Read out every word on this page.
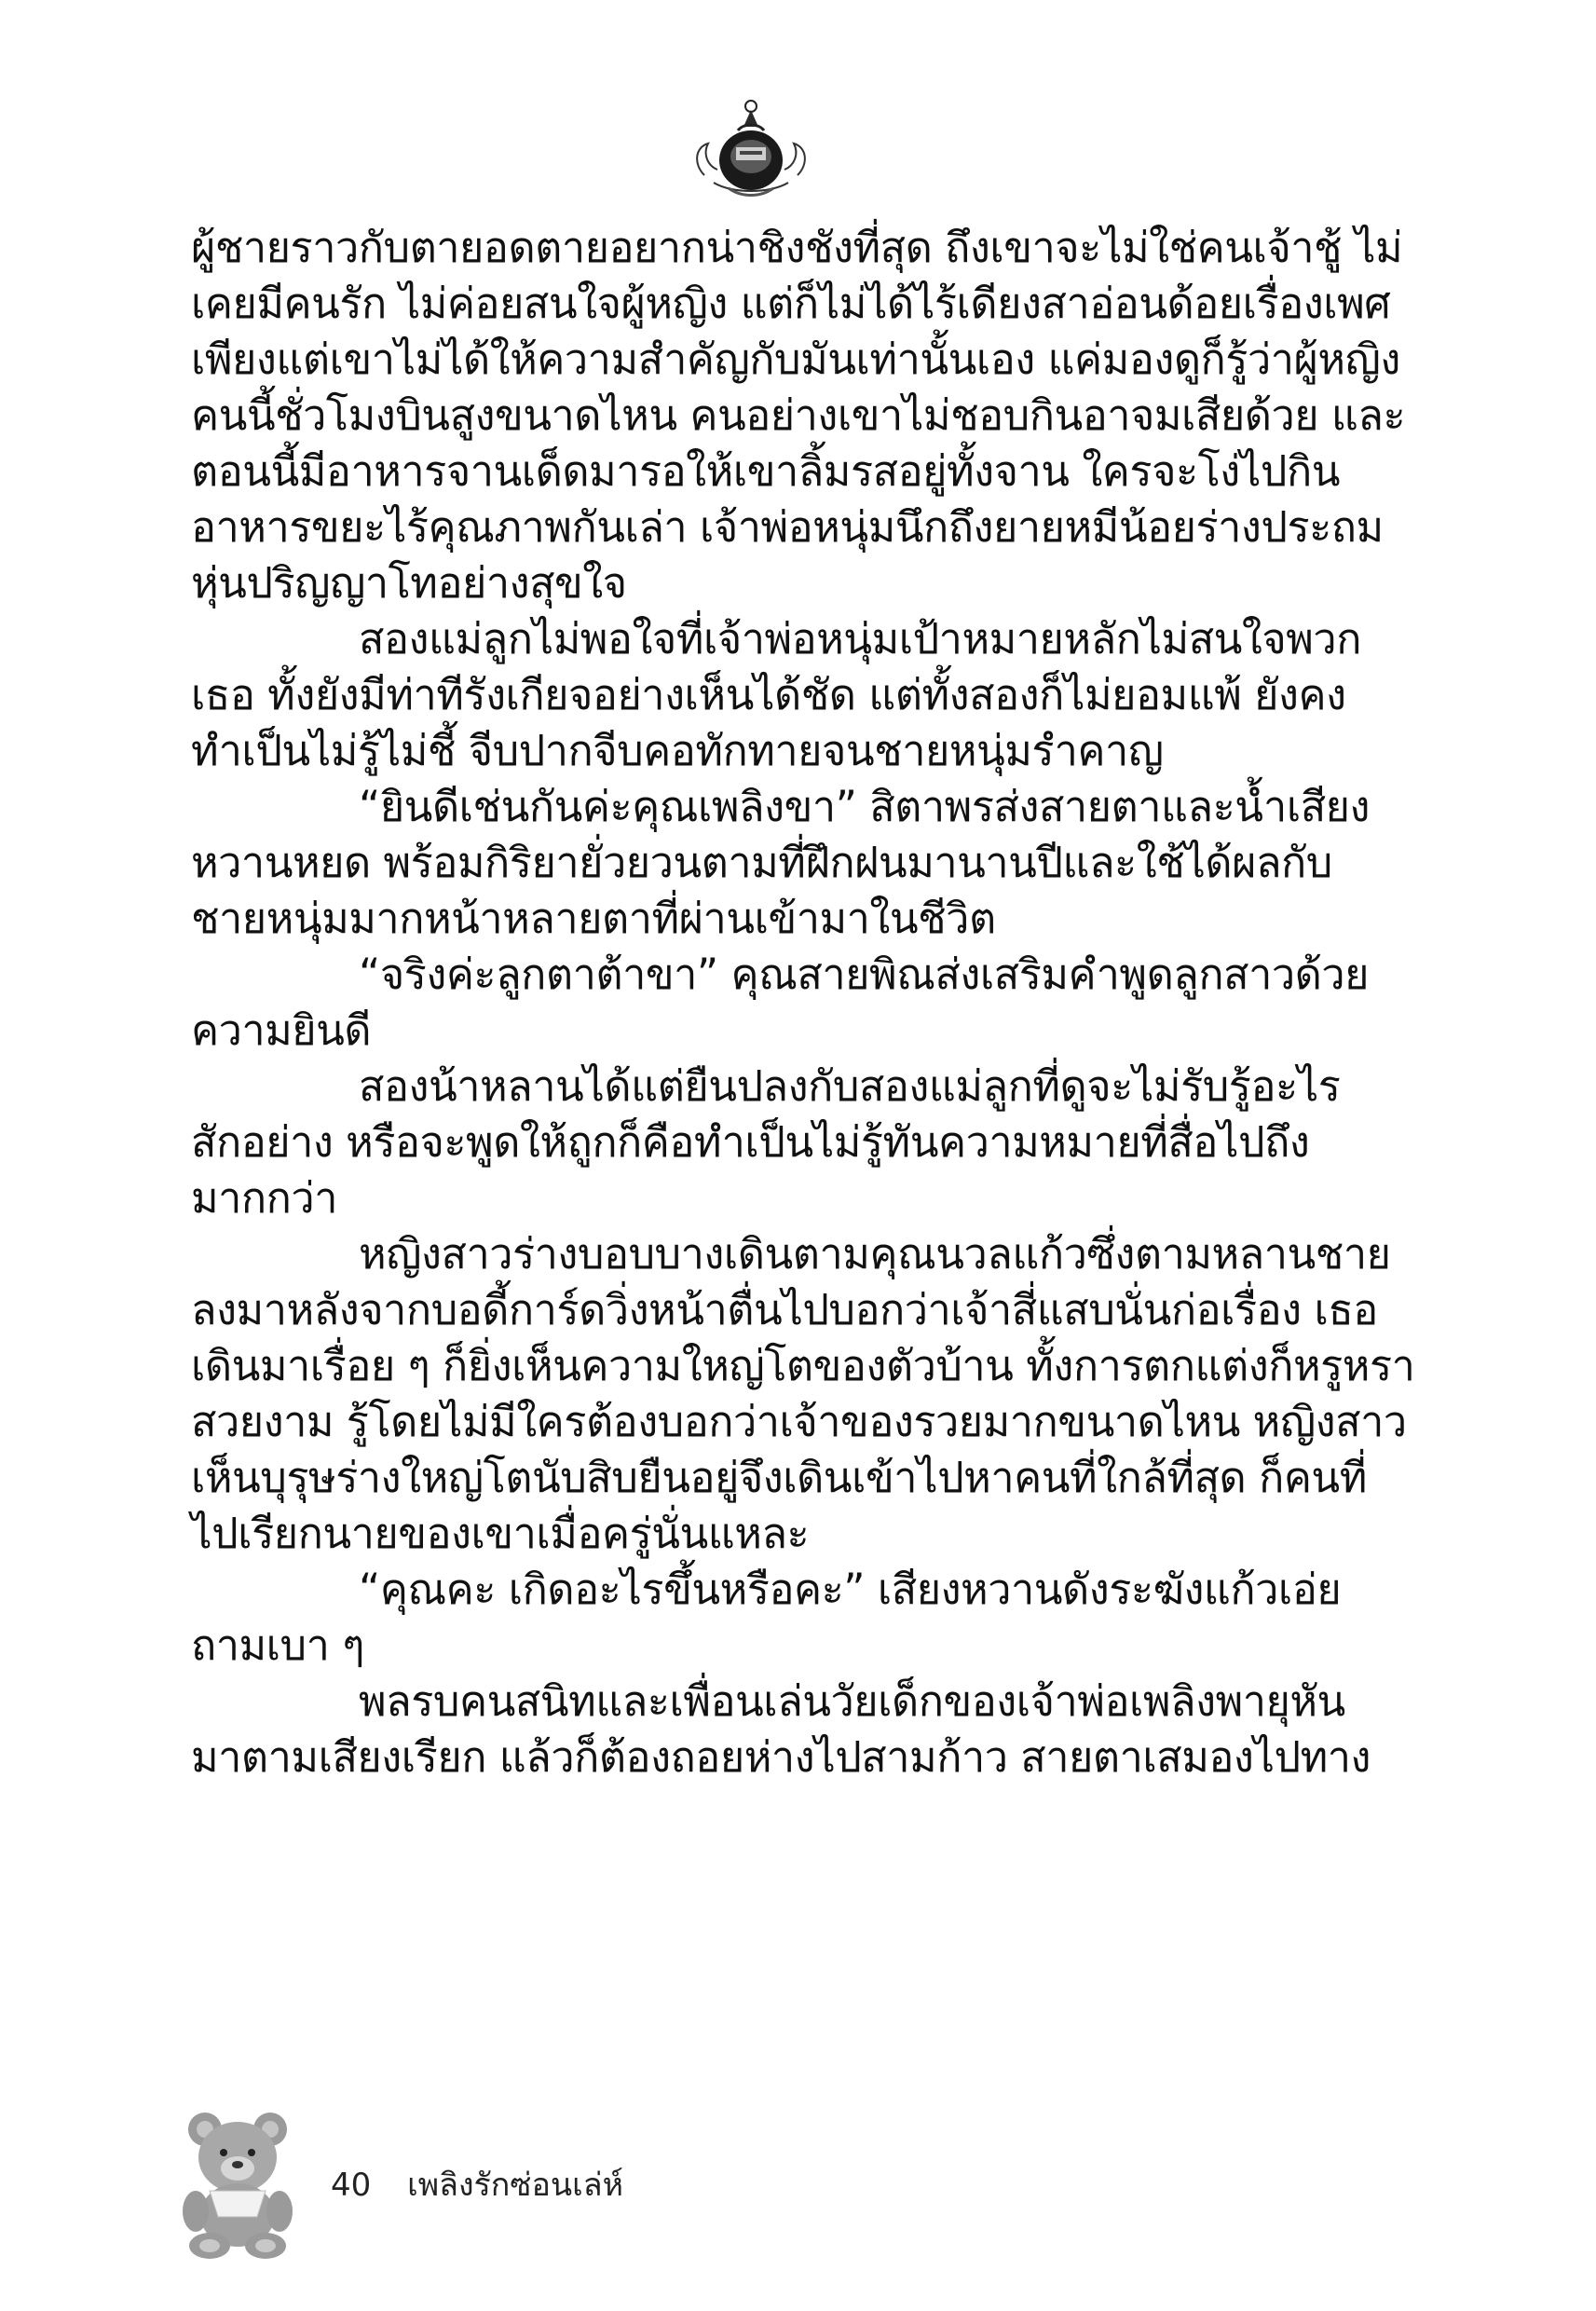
ผู้ชายราวกับตายอดตายอยากน่าชิงชังที่สุด ถึงเขาจะไม่ใช่คนเจ้าชู้ ไม่
เคยมีคนรัก ไม่ค่อยสนใจผู้หญิง แต่ก็ไม่ได้ไร้เดียงสาอ่อนด้อยเรื่องเพศ
เพียงแต่เขาไม่ได้ให้ความสำคัญกับมันเท่านั้นเอง แค่มองดูก็รู้ว่าผู้หญิง
คนนี้ชั่วโมงบินสูงขนาดไหน คนอย่างเขาไม่ชอบกินอาจมเสียด้วย และ
ตอนนี้มีอาหารจานเด็ดมารอให้เขาลิ้มรสอยู่ทั้งจาน ใครจะโง่ไปกิน
อาหารขยะไร้คุณภาพกันเล่า เจ้าพ่อหนุ่มนึกถึงยายหมีน้อยร่างประถม
หุ่นปริญญาโทอย่างสุขใจ
สองแม่ลูกไม่พอใจที่เจ้าพ่อหนุ่มเป้าหมายหลักไม่สนใจพวก
เธอ ทั้งยังมีท่าทีรังเกียจอย่างเห็นได้ชัด แต่ทั้งสองก็ไม่ยอมแพ้ ยังคง
ทำเป็นไม่รู้ไม่ชี้ จีบปากจีบคอทักทายจนชายหนุ่มรำคาญ
“ยินดีเช่นกันค่ะคุณเพลิงขา” สิตาพรส่งสายตาและน้ำเสียง
หวานหยด พร้อมกิริยายั่วยวนตามที่ฝึกฝนมานานปีและใช้ได้ผลกับ
ชายหนุ่มมากหน้าหลายตาที่ผ่านเข้ามาในชีวิต
“จริงค่ะลูกตาต้าขา” คุณสายพิณส่งเสริมคำพูดลูกสาวด้วย
ความยินดี
สองน้าหลานได้แต่ยืนปลงกับสองแม่ลูกที่ดูจะไม่รับรู้อะไร
สักอย่าง หรือจะพูดให้ถูกก็คือทำเป็นไม่รู้ทันความหมายที่สื่อไปถึง
มากกว่า
หญิงสาวร่างบอบบางเดินตามคุณนวลแก้วซึ่งตามหลานชาย
ลงมาหลังจากบอดี้การ์ดวิ่งหน้าตื่นไปบอกว่าเจ้าสี่แสบนั่นก่อเรื่อง เธอ
เดินมาเรื่อย ๆ ก็ยิ่งเห็นความใหญ่โตของตัวบ้าน ทั้งการตกแต่งก็หรูหรา
สวยงาม รู้โดยไม่มีใครต้องบอกว่าเจ้าของรวยมากขนาดไหน หญิงสาว
เห็นบุรุษร่างใหญ่โตนับสิบยืนอยู่จึงเดินเข้าไปหาคนที่ใกล้ที่สุด ก็คนที่
ไปเรียกนายของเขาเมื่อครู่นั่นแหละ
“คุณคะ เกิดอะไรขึ้นหรือคะ” เสียงหวานดังระฆังแก้วเอ่ย
ถามเบา ๆ
พลรบคนสนิทและเพื่อนเล่นวัยเด็กของเจ้าพ่อเพลิงพายุหัน
มาตามเสียงเรียก แล้วก็ต้องถอยห่างไปสามก้าว สายตาเสมองไปทาง
40 เพลิงรักซ่อนเล่ห์
